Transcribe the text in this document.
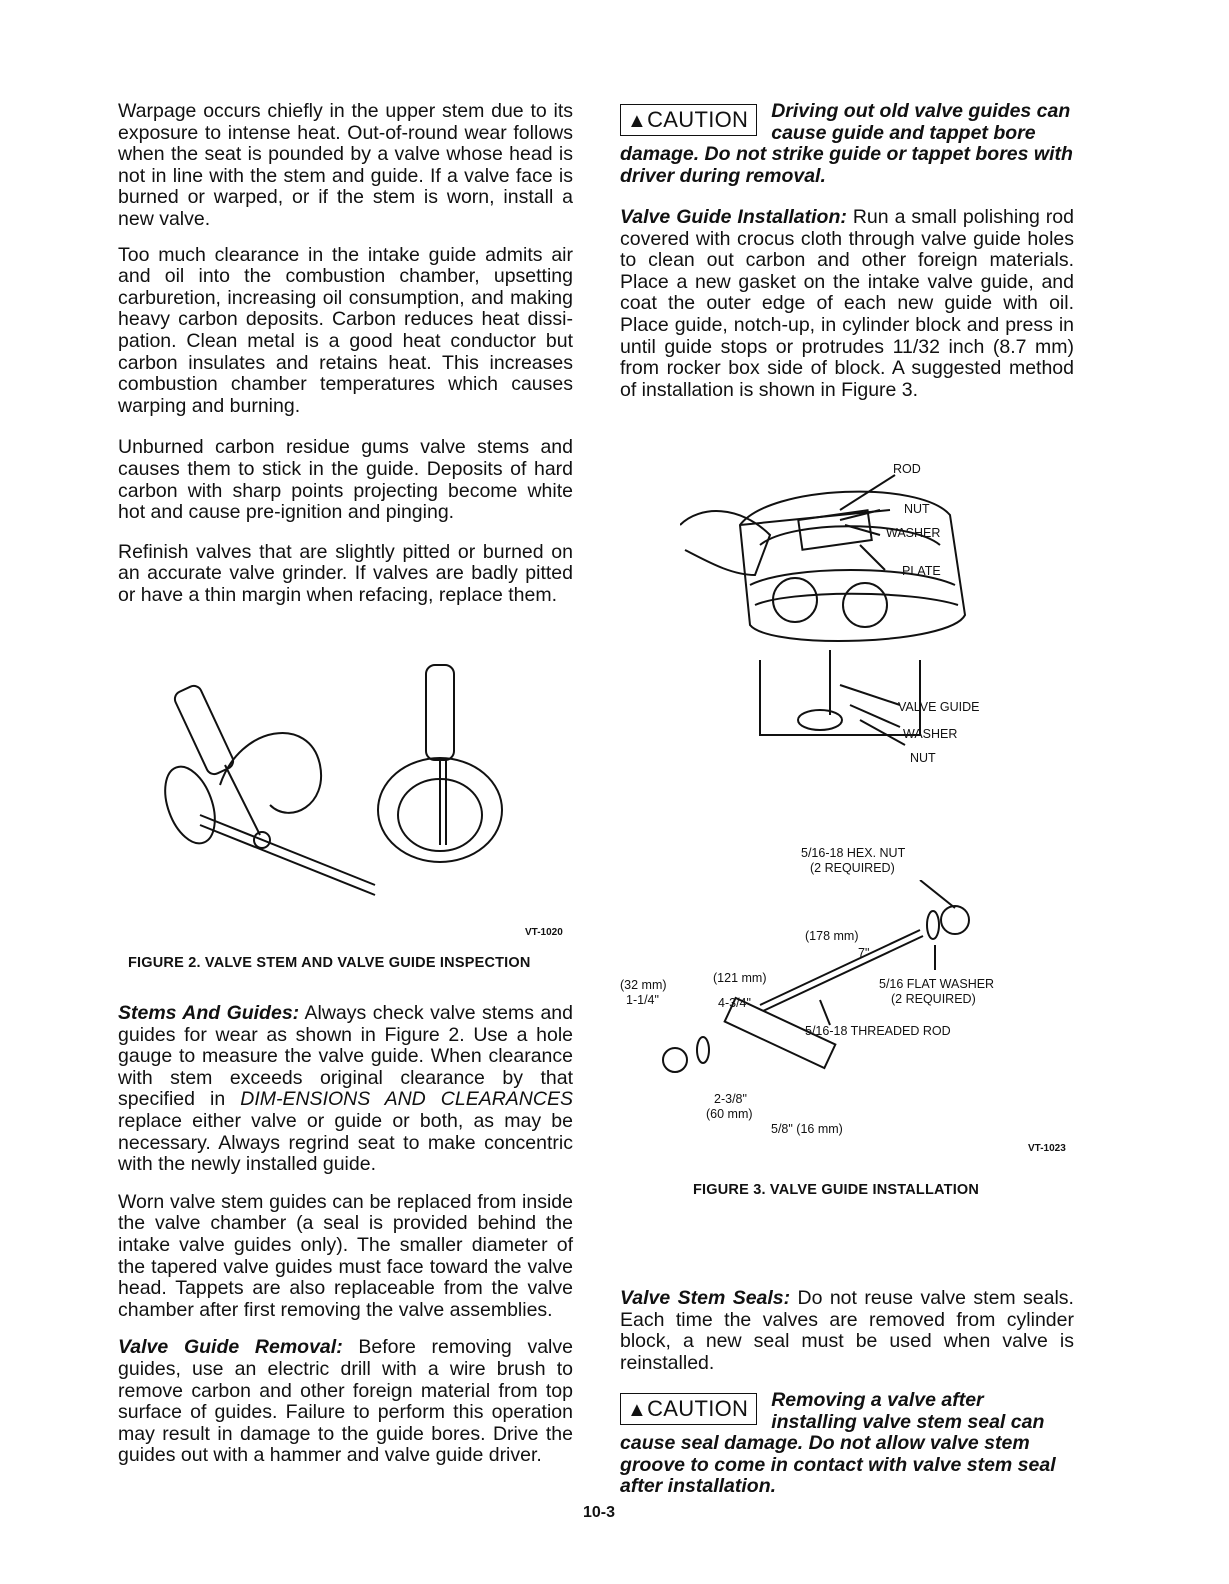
Warpage occurs chiefly in the upper stem due to its exposure to intense heat. Out-of-round wear follows when the seat is pounded by a valve whose head is not in line with the stem and guide. If a valve face is burned or warped, or if the stem is worn, install a new valve.

Too much clearance in the intake guide admits air and oil into the combustion chamber, upsetting carburetion, increasing oil consumption, and making heavy carbon deposits. Carbon reduces heat dissi-pation. Clean metal is a good heat conductor but carbon insulates and retains heat. This increases combustion chamber temperatures which causes warping and burning.

Unburned carbon residue gums valve stems and causes them to stick in the guide. Deposits of hard carbon with sharp points projecting become white hot and cause pre-ignition and pinging.

Refinish valves that are slightly pitted or burned on an accurate valve grinder. If valves are badly pitted or have a thin margin when refacing, replace them.

VT-1020
FIGURE 2. VALVE STEM AND VALVE GUIDE INSPECTION

Stems And Guides: Always check valve stems and guides for wear as shown in Figure 2. Use a hole gauge to measure the valve guide. When clearance with stem exceeds original clearance by that specified in DIM-ENSIONS AND CLEARANCES replace either valve or guide or both, as may be necessary. Always regrind seat to make concentric with the newly installed guide.

Worn valve stem guides can be replaced from inside the valve chamber (a seal is provided behind the intake valve guides only). The smaller diameter of the tapered valve guides must face toward the valve head. Tappets are also replaceable from the valve chamber after first removing the valve assemblies.

Valve Guide Removal: Before removing valve guides, use an electric drill with a wire brush to remove carbon and other foreign material from top surface of guides. Failure to perform this operation may result in damage to the guide bores. Drive the guides out with a hammer and valve guide driver.

▲CAUTION	Driving out old valve guides can cause guide and tappet bore damage. Do not strike guide or tappet bores with driver during removal.

Valve Guide Installation: Run a small polishing rod covered with crocus cloth through valve guide holes to clean out carbon and other foreign materials. Place a new gasket on the intake valve guide, and coat the outer edge of each new guide with oil. Place guide, notch-up, in cylinder block and press in until guide stops or protrudes 11/32 inch (8.7 mm) from rocker box side of block. A suggested method of installation is shown in Figure 3.

ROD
NUT
WASHER
PLATE
VALVE GUIDE
WASHER
NUT
5/16-18 HEX. NUT
(2 REQUIRED)
(178 mm)
7"
5/16 FLAT WASHER
(2 REQUIRED)
(32 mm)
1-1/4"
(121 mm)
4-3/4"
5/16-18 THREADED ROD
2-3/8"
(60 mm)
5/8" (16 mm)
VT-1023
FIGURE 3. VALVE GUIDE INSTALLATION

Valve Stem Seals: Do not reuse valve stem seals. Each time the valves are removed from cylinder block, a new seal must be used when valve is reinstalled.

▲CAUTION	Removing a valve after installing valve stem seal can cause seal damage. Do not allow valve stem groove to come in contact with valve stem seal after installation.
10-3
